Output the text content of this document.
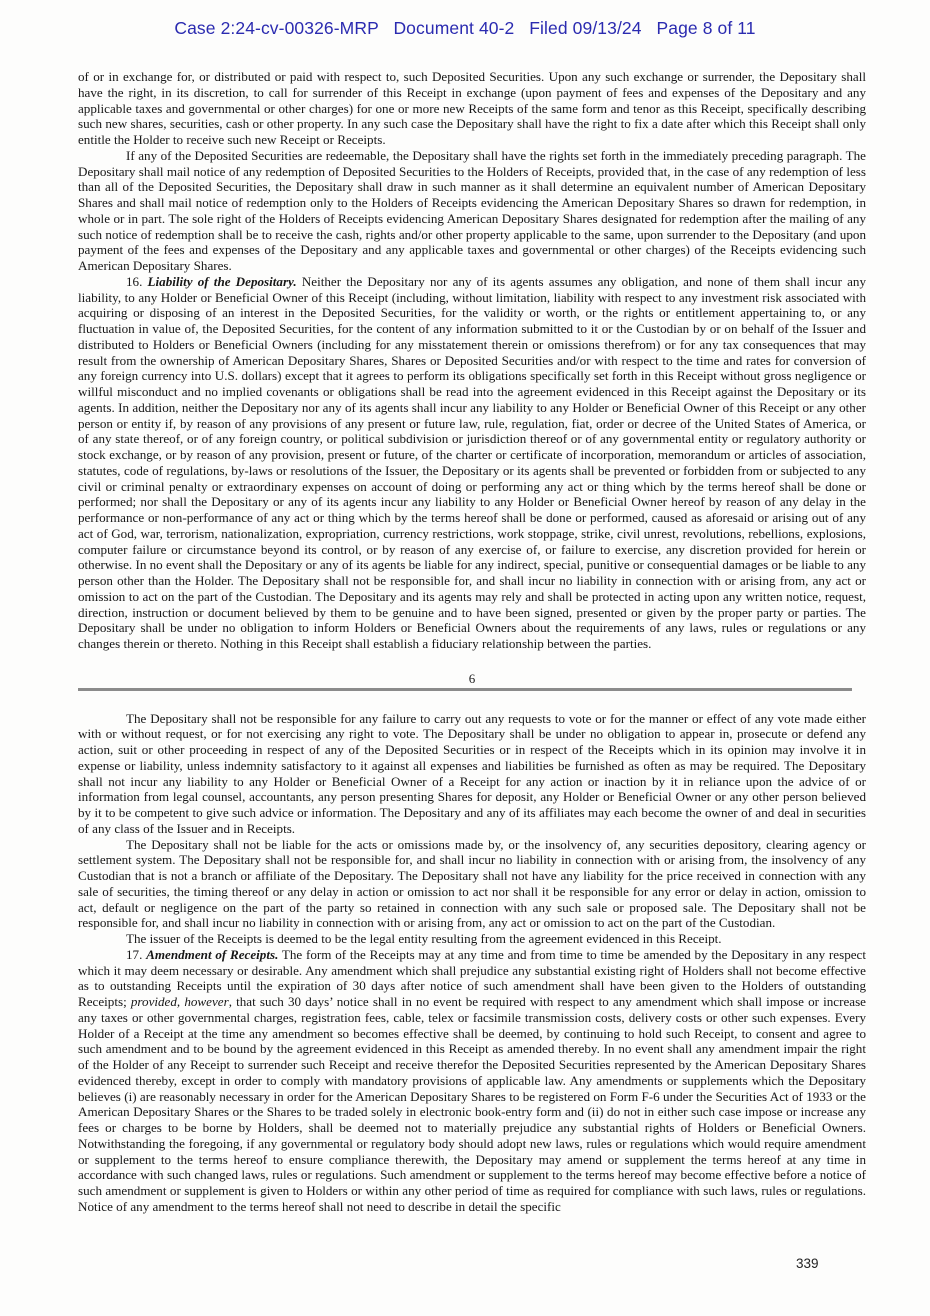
Case 2:24-cv-00326-MRP   Document 40-2   Filed 09/13/24   Page 8 of 11

of or in exchange for, or distributed or paid with respect to, such Deposited Securities. Upon any such exchange or surrender, the Depositary shall have the right, in its discretion, to call for surrender of this Receipt in exchange (upon payment of fees and expenses of the Depositary and any applicable taxes and governmental or other charges) for one or more new Receipts of the same form and tenor as this Receipt, specifically describing such new shares, securities, cash or other property. In any such case the Depositary shall have the right to fix a date after which this Receipt shall only entitle the Holder to receive such new Receipt or Receipts.

If any of the Deposited Securities are redeemable, the Depositary shall have the rights set forth in the immediately preceding paragraph. The Depositary shall mail notice of any redemption of Deposited Securities to the Holders of Receipts, provided that, in the case of any redemption of less than all of the Deposited Securities, the Depositary shall draw in such manner as it shall determine an equivalent number of American Depositary Shares and shall mail notice of redemption only to the Holders of Receipts evidencing the American Depositary Shares so drawn for redemption, in whole or in part. The sole right of the Holders of Receipts evidencing American Depositary Shares designated for redemption after the mailing of any such notice of redemption shall be to receive the cash, rights and/or other property applicable to the same, upon surrender to the Depositary (and upon payment of the fees and expenses of the Depositary and any applicable taxes and governmental or other charges) of the Receipts evidencing such American Depositary Shares.

16. Liability of the Depositary. Neither the Depositary nor any of its agents assumes any obligation, and none of them shall incur any liability, to any Holder or Beneficial Owner of this Receipt (including, without limitation, liability with respect to any investment risk associated with acquiring or disposing of an interest in the Deposited Securities, for the validity or worth, or the rights or entitlement appertaining to, or any fluctuation in value of, the Deposited Securities, for the content of any information submitted to it or the Custodian by or on behalf of the Issuer and distributed to Holders or Beneficial Owners (including for any misstatement therein or omissions therefrom) or for any tax consequences that may result from the ownership of American Depositary Shares, Shares or Deposited Securities and/or with respect to the time and rates for conversion of any foreign currency into U.S. dollars) except that it agrees to perform its obligations specifically set forth in this Receipt without gross negligence or willful misconduct and no implied covenants or obligations shall be read into the agreement evidenced in this Receipt against the Depositary or its agents. In addition, neither the Depositary nor any of its agents shall incur any liability to any Holder or Beneficial Owner of this Receipt or any other person or entity if, by reason of any provisions of any present or future law, rule, regulation, fiat, order or decree of the United States of America, or of any state thereof, or of any foreign country, or political subdivision or jurisdiction thereof or of any governmental entity or regulatory authority or stock exchange, or by reason of any provision, present or future, of the charter or certificate of incorporation, memorandum or articles of association, statutes, code of regulations, by-laws or resolutions of the Issuer, the Depositary or its agents shall be prevented or forbidden from or subjected to any civil or criminal penalty or extraordinary expenses on account of doing or performing any act or thing which by the terms hereof shall be done or performed; nor shall the Depositary or any of its agents incur any liability to any Holder or Beneficial Owner hereof by reason of any delay in the performance or non-performance of any act or thing which by the terms hereof shall be done or performed, caused as aforesaid or arising out of any act of God, war, terrorism, nationalization, expropriation, currency restrictions, work stoppage, strike, civil unrest, revolutions, rebellions, explosions, computer failure or circumstance beyond its control, or by reason of any exercise of, or failure to exercise, any discretion provided for herein or otherwise. In no event shall the Depositary or any of its agents be liable for any indirect, special, punitive or consequential damages or be liable to any person other than the Holder. The Depositary shall not be responsible for, and shall incur no liability in connection with or arising from, any act or omission to act on the part of the Custodian. The Depositary and its agents may rely and shall be protected in acting upon any written notice, request, direction, instruction or document believed by them to be genuine and to have been signed, presented or given by the proper party or parties. The Depositary shall be under no obligation to inform Holders or Beneficial Owners about the requirements of any laws, rules or regulations or any changes therein or thereto. Nothing in this Receipt shall establish a fiduciary relationship between the parties.

6

The Depositary shall not be responsible for any failure to carry out any requests to vote or for the manner or effect of any vote made either with or without request, or for not exercising any right to vote. The Depositary shall be under no obligation to appear in, prosecute or defend any action, suit or other proceeding in respect of any of the Deposited Securities or in respect of the Receipts which in its opinion may involve it in expense or liability, unless indemnity satisfactory to it against all expenses and liabilities be furnished as often as may be required. The Depositary shall not incur any liability to any Holder or Beneficial Owner of a Receipt for any action or inaction by it in reliance upon the advice of or information from legal counsel, accountants, any person presenting Shares for deposit, any Holder or Beneficial Owner or any other person believed by it to be competent to give such advice or information. The Depositary and any of its affiliates may each become the owner of and deal in securities of any class of the Issuer and in Receipts.

The Depositary shall not be liable for the acts or omissions made by, or the insolvency of, any securities depository, clearing agency or settlement system. The Depositary shall not be responsible for, and shall incur no liability in connection with or arising from, the insolvency of any Custodian that is not a branch or affiliate of the Depositary. The Depositary shall not have any liability for the price received in connection with any sale of securities, the timing thereof or any delay in action or omission to act nor shall it be responsible for any error or delay in action, omission to act, default or negligence on the part of the party so retained in connection with any such sale or proposed sale. The Depositary shall not be responsible for, and shall incur no liability in connection with or arising from, any act or omission to act on the part of the Custodian.

The issuer of the Receipts is deemed to be the legal entity resulting from the agreement evidenced in this Receipt.

17. Amendment of Receipts. The form of the Receipts may at any time and from time to time be amended by the Depositary in any respect which it may deem necessary or desirable. Any amendment which shall prejudice any substantial existing right of Holders shall not become effective as to outstanding Receipts until the expiration of 30 days after notice of such amendment shall have been given to the Holders of outstanding Receipts; provided, however, that such 30 days’ notice shall in no event be required with respect to any amendment which shall impose or increase any taxes or other governmental charges, registration fees, cable, telex or facsimile transmission costs, delivery costs or other such expenses. Every Holder of a Receipt at the time any amendment so becomes effective shall be deemed, by continuing to hold such Receipt, to consent and agree to such amendment and to be bound by the agreement evidenced in this Receipt as amended thereby. In no event shall any amendment impair the right of the Holder of any Receipt to surrender such Receipt and receive therefor the Deposited Securities represented by the American Depositary Shares evidenced thereby, except in order to comply with mandatory provisions of applicable law. Any amendments or supplements which the Depositary believes (i) are reasonably necessary in order for the American Depositary Shares to be registered on Form F-6 under the Securities Act of 1933 or the American Depositary Shares or the Shares to be traded solely in electronic book-entry form and (ii) do not in either such case impose or increase any fees or charges to be borne by Holders, shall be deemed not to materially prejudice any substantial rights of Holders or Beneficial Owners. Notwithstanding the foregoing, if any governmental or regulatory body should adopt new laws, rules or regulations which would require amendment or supplement to the terms hereof to ensure compliance therewith, the Depositary may amend or supplement the terms hereof at any time in accordance with such changed laws, rules or regulations. Such amendment or supplement to the terms hereof may become effective before a notice of such amendment or supplement is given to Holders or within any other period of time as required for compliance with such laws, rules or regulations. Notice of any amendment to the terms hereof shall not need to describe in detail the specific

339
